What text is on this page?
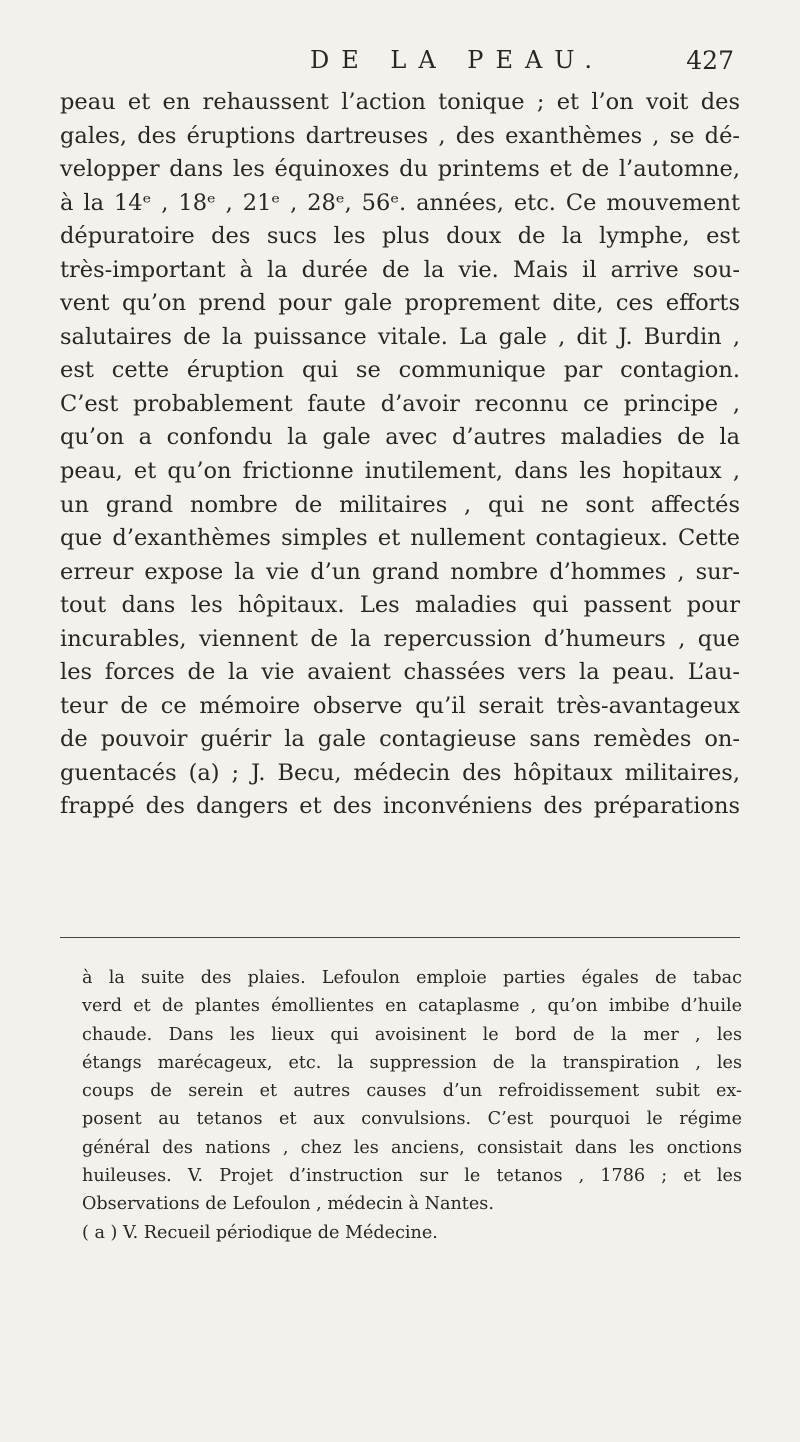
DE LA PEAU.	427
peau et en rehaussent l’action tonique ; et l’on voit des
gales, des éruptions dartreuses , des exanthèmes , se dé-
velopper dans les équinoxes du printems et de l’automne,
à la 14ᵉ , 18ᵉ , 21ᵉ , 28ᵉ, 56ᵉ. années, etc. Ce mouvement
dépuratoire des sucs les plus doux de la lymphe, est
très-important à la durée de la vie. Mais il arrive sou-
vent qu’on prend pour gale proprement dite, ces efforts
salutaires de la puissance vitale. La gale , dit J. Burdin ,
est cette éruption qui se communique par contagion.
C’est probablement faute d’avoir reconnu ce principe ,
qu’on a confondu la gale avec d’autres maladies de la
peau, et qu’on frictionne inutilement, dans les hopitaux ,
un grand nombre de militaires , qui ne sont affectés
que d’exanthèmes simples et nullement contagieux. Cette
erreur expose la vie d’un grand nombre d’hommes , sur-
tout dans les hôpitaux. Les maladies qui passent pour
incurables, viennent de la repercussion d’humeurs , que
les forces de la vie avaient chassées vers la peau. L’au-
teur de ce mémoire observe qu’il serait très-avantageux
de pouvoir guérir la gale contagieuse sans remèdes on-
guentacés (a) ; J. Becu, médecin des hôpitaux militaires,
frappé des dangers et des inconvéniens des préparations
à la suite des plaies. Lefoulon emploie parties égales de tabac
verd et de plantes émollientes en cataplasme , qu’on imbibe d’huile
chaude. Dans les lieux qui avoisinent le bord de la mer , les
étangs marécageux, etc. la suppression de la transpiration , les
coups de serein et autres causes d’un refroidissement subit ex-
posent au tetanos et aux convulsions. C’est pourquoi le régime
général des nations , chez les anciens, consistait dans les onctions
huileuses. V. Projet d’instruction sur le tetanos , 1786 ; et les
Observations de Lefoulon , médecin à Nantes.
( a ) V. Recueil périodique de Médecine.
